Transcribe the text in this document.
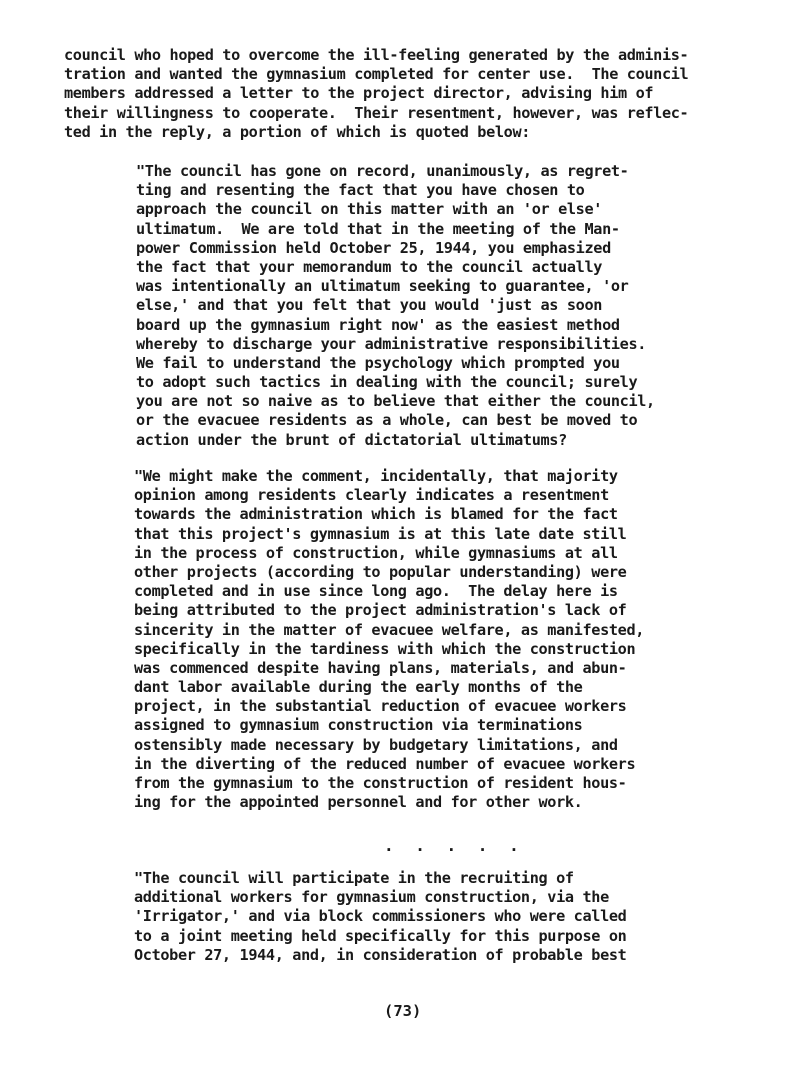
council who hoped to overcome the ill-feeling generated by the adminis-
tration and wanted the gymnasium completed for center use.  The council
members addressed a letter to the project director, advising him of
their willingness to cooperate.  Their resentment, however, was reflec-
ted in the reply, a portion of which is quoted below:
"The council has gone on record, unanimously, as regret-
ting and resenting the fact that you have chosen to
approach the council on this matter with an 'or else'
ultimatum.  We are told that in the meeting of the Man-
power Commission held October 25, 1944, you emphasized
the fact that your memorandum to the council actually
was intentionally an ultimatum seeking to guarantee, 'or
else,' and that you felt that you would 'just as soon
board up the gymnasium right now' as the easiest method
whereby to discharge your administrative responsibilities.
We fail to understand the psychology which prompted you
to adopt such tactics in dealing with the council; surely
you are not so naive as to believe that either the council,
or the evacuee residents as a whole, can best be moved to
action under the brunt of dictatorial ultimatums?
"We might make the comment, incidentally, that majority
opinion among residents clearly indicates a resentment
towards the administration which is blamed for the fact
that this project's gymnasium is at this late date still
in the process of construction, while gymnasiums at all
other projects (according to popular understanding) were
completed and in use since long ago.  The delay here is
being attributed to the project administration's lack of
sincerity in the matter of evacuee welfare, as manifested,
specifically in the tardiness with which the construction
was commenced despite having plans, materials, and abun-
dant labor available during the early months of the
project, in the substantial reduction of evacuee workers
assigned to gymnasium construction via terminations
ostensibly made necessary by budgetary limitations, and
in the diverting of the reduced number of evacuee workers
from the gymnasium to the construction of resident hous-
ing for the appointed personnel and for other work.
. . . . .
"The council will participate in the recruiting of
additional workers for gymnasium construction, via the
'Irrigator,' and via block commissioners who were called
to a joint meeting held specifically for this purpose on
October 27, 1944, and, in consideration of probable best
(73)
